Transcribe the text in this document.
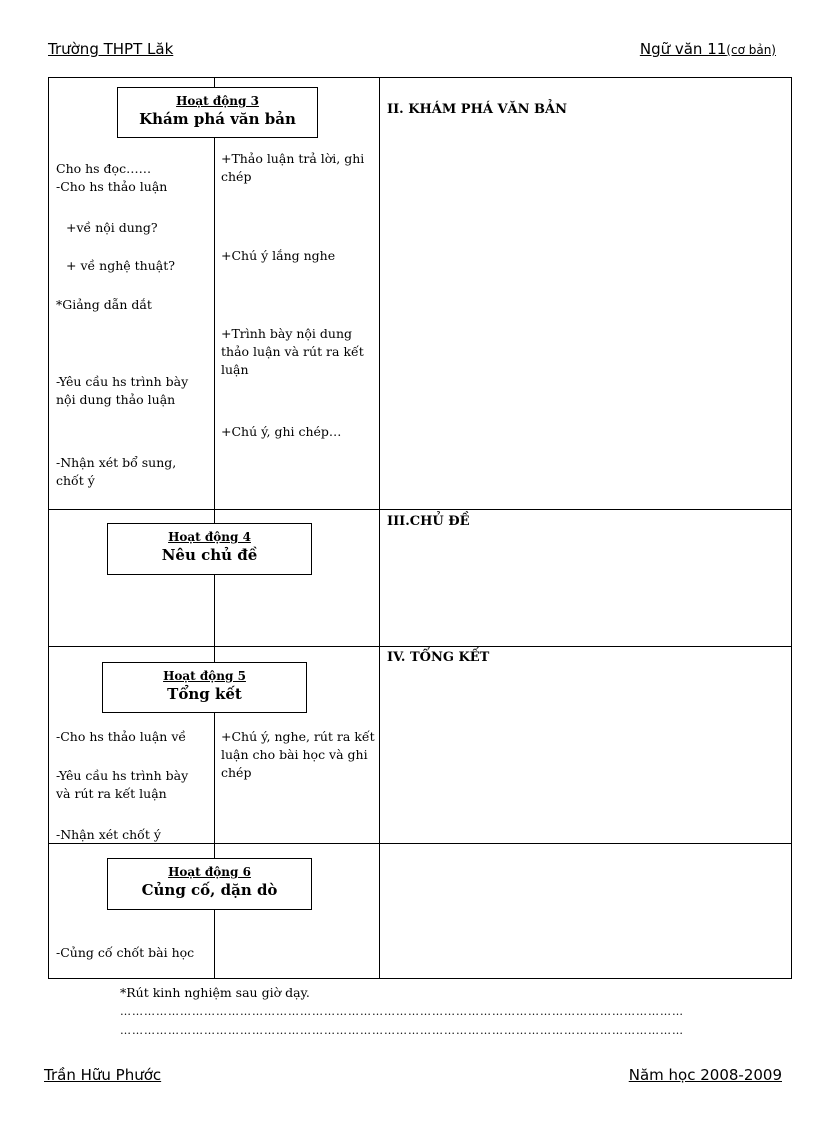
Trường THPT Lăk	Ngữ văn 11(cơ bản)
Hoạt động 3
Khám phá văn bản
II. KHÁM PHÁ VĂN BẢN
Cho hs đọc……
-Cho hs thảo luận
+về nội dung?
+ về nghệ thuật?
*Giảng dẫn dắt
-Yêu cầu hs trình bày nội dung thảo luận
-Nhận xét bổ sung, chốt ý
+Thảo luận trả lời, ghi chép
+Chú ý lắng nghe
+Trình bày nội dung thảo luận và rút ra kết luận
+Chú ý, ghi chép…
Hoạt động 4
Nêu chủ đề
III.CHỦ ĐỀ
Hoạt động 5
Tổng kết
IV. TỔNG KẾT
-Cho hs thảo luận về
-Yêu cầu hs trình bày và rút ra kết luận
-Nhận xét chốt ý
+Chú ý, nghe, rút ra kết luận cho bài học và ghi chép
Hoạt động 6
Củng cố, dặn dò
-Củng cố chốt bài học
*Rút kinh nghiệm sau giờ dạy.
……………………………………………………………………………………………………………………………
……………………………………………………………………………………………………………………………
Trần Hữu Phước	Năm học 2008-2009
